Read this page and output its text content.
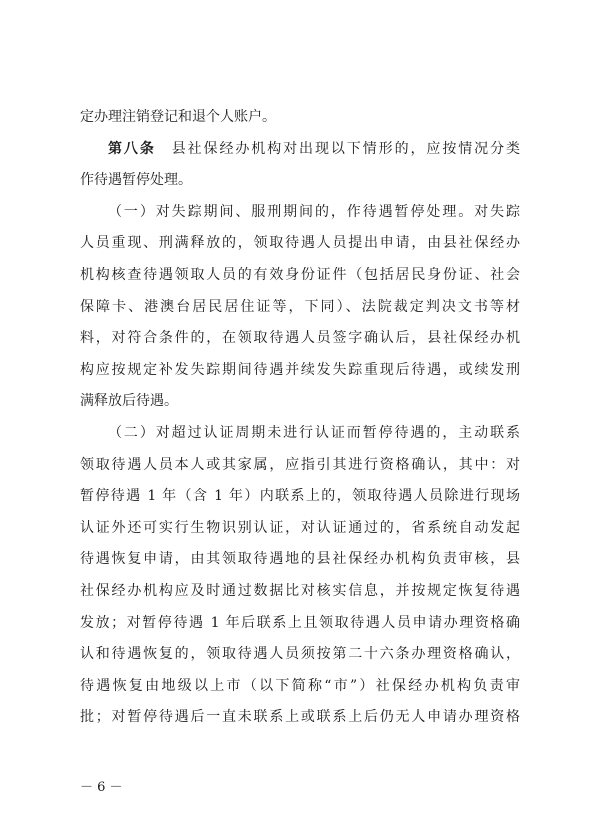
定办理注销登记和退个人账户。
第八条　 县社保经办机构对出现以下情形的，应按情况分类
作待遇暂停处理。
（一）对失踪期间、服刑期间的，作待遇暂停处理。对失踪
人员重现、刑满释放的，领取待遇人员提出申请，由县社保经办
机构核查待遇领取人员的有效身份证件（包括居民身份证、社会
保障卡、港澳台居民居住证等，下同）、法院裁定判决文书等材
料，对符合条件的，在领取待遇人员签字确认后，县社保经办机
构应按规定补发失踪期间待遇并续发失踪重现后待遇，或续发刑
满释放后待遇。
（二）对超过认证周期未进行认证而暂停待遇的，主动联系
领取待遇人员本人或其家属，应指引其进行资格确认，其中：对
暂停待遇 1 年（含 1 年）内联系上的，领取待遇人员除进行现场
认证外还可实行生物识别认证，对认证通过的，省系统自动发起
待遇恢复申请，由其领取待遇地的县社保经办机构负责审核，县
社保经办机构应及时通过数据比对核实信息，并按规定恢复待遇
发放；对暂停待遇 1 年后联系上且领取待遇人员申请办理资格确
认和待遇恢复的，领取待遇人员须按第二十六条办理资格确认，
待遇恢复由地级以上市（以下简称“市”）社保经办机构负责审
批；对暂停待遇后一直未联系上或联系上后仍无人申请办理资格
－ 6 －
